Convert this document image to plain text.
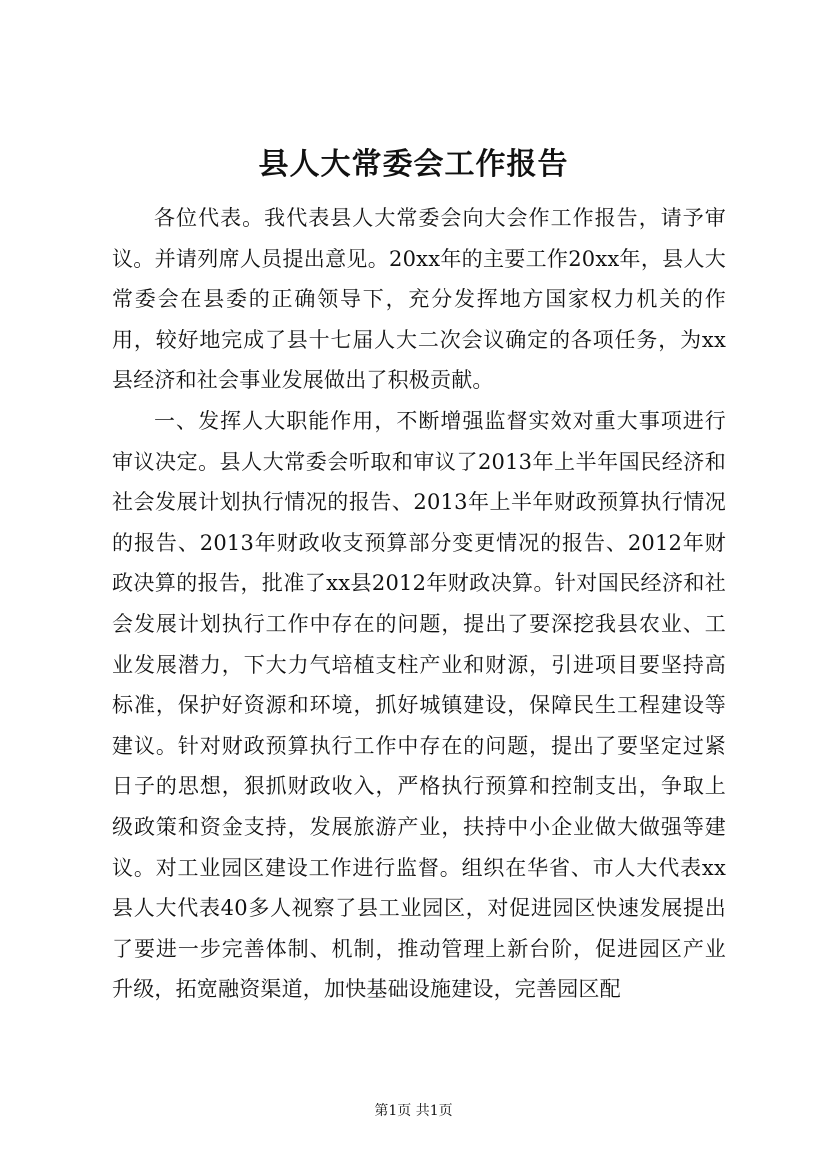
县人大常委会工作报告

各位代表。我代表县人大常委会向大会作工作报告，请予审议。并请列席人员提出意见。20xx年的主要工作20xx年，县人大常委会在县委的正确领导下，充分发挥地方国家权力机关的作用，较好地完成了县十七届人大二次会议确定的各项任务，为xx县经济和社会事业发展做出了积极贡献。

一、发挥人大职能作用，不断增强监督实效对重大事项进行审议决定。县人大常委会听取和审议了2013年上半年国民经济和社会发展计划执行情况的报告、2013年上半年财政预算执行情况的报告、2013年财政收支预算部分变更情况的报告、2012年财政决算的报告，批准了xx县2012年财政决算。针对国民经济和社会发展计划执行工作中存在的问题，提出了要深挖我县农业、工业发展潜力，下大力气培植支柱产业和财源，引进项目要坚持高标准，保护好资源和环境，抓好城镇建设，保障民生工程建设等建议。针对财政预算执行工作中存在的问题，提出了要坚定过紧日子的思想，狠抓财政收入，严格执行预算和控制支出，争取上级政策和资金支持，发展旅游产业，扶持中小企业做大做强等建议。对工业园区建设工作进行监督。组织在华省、市人大代表xx县人大代表40多人视察了县工业园区，对促进园区快速发展提出了要进一步完善体制、机制，推动管理上新台阶，促进园区产业升级，拓宽融资渠道，加快基础设施建设，完善园区配

第1页 共1页
